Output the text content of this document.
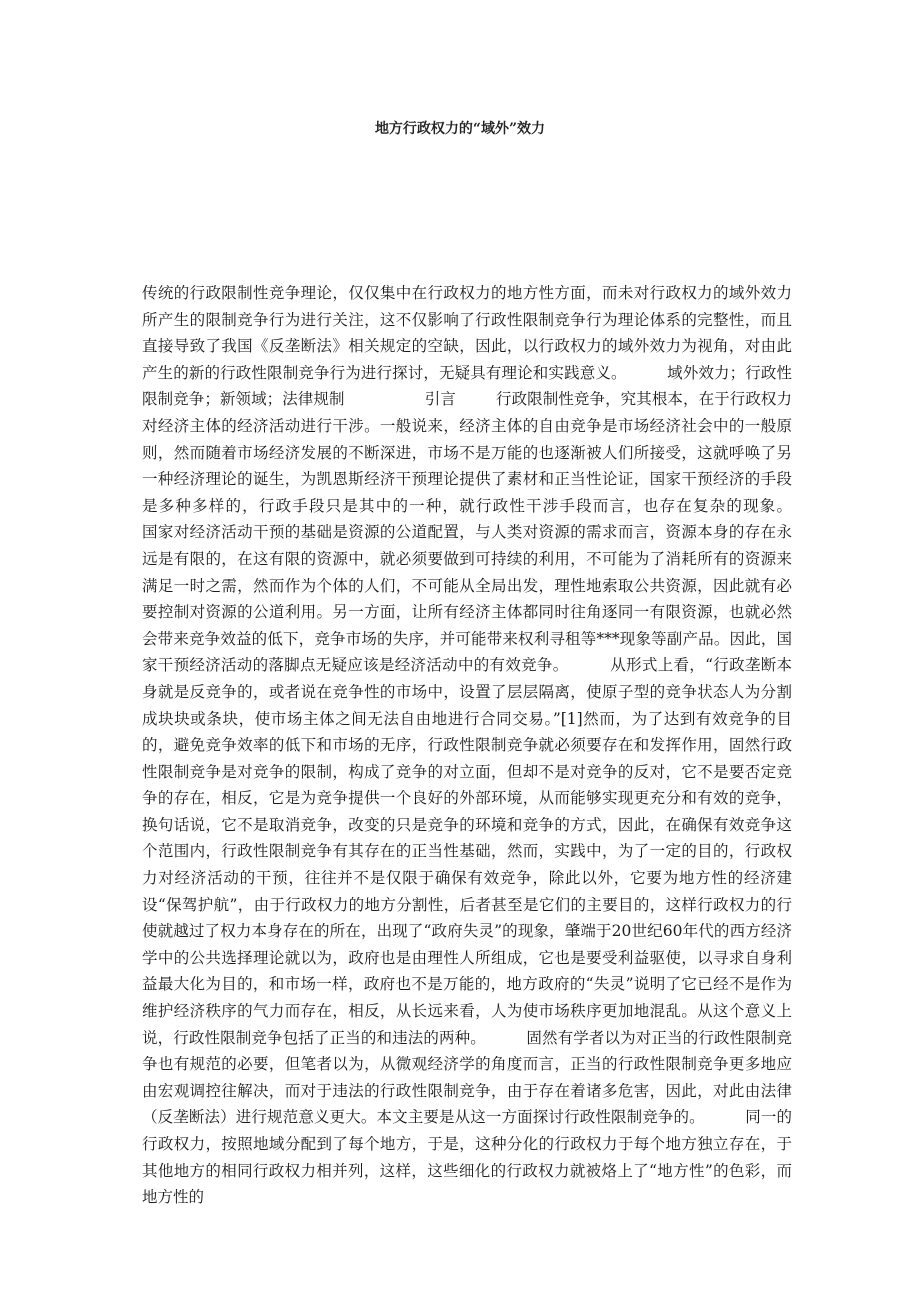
地方行政权力的“域外”效力

传统的行政限制性竞争理论，仅仅集中在行政权力的地方性方面，而未对行政权力的域外效力所产生的限制竞争行为进行关注，这不仅影响了行政性限制竞争行为理论体系的完整性，而且直接导致了我国《反垄断法》相关规定的空缺，因此，以行政权力的域外效力为视角，对由此产生的新的行政性限制竞争行为进行探讨，无疑具有理论和实践意义。        域外效力；行政性限制竞争；新领域；法律规制                引言        行政限制性竞争，究其根本，在于行政权力对经济主体的经济活动进行干涉。一般说来，经济主体的自由竞争是市场经济社会中的一般原则，然而随着市场经济发展的不断深进，市场不是万能的也逐渐被人们所接受，这就呼唤了另一种经济理论的诞生，为凯恩斯经济干预理论提供了素材和正当性论证，国家干预经济的手段是多种多样的，行政手段只是其中的一种，就行政性干涉手段而言，也存在复杂的现象。        国家对经济活动干预的基础是资源的公道配置，与人类对资源的需求而言，资源本身的存在永远是有限的，在这有限的资源中，就必须要做到可持续的利用，不可能为了消耗所有的资源来满足一时之需，然而作为个体的人们，不可能从全局出发，理性地索取公共资源，因此就有必要控制对资源的公道利用。另一方面，让所有经济主体都同时往角逐同一有限资源，也就必然会带来竞争效益的低下，竞争市场的失序，并可能带来权利寻租等***现象等副产品。因此，国家干预经济活动的落脚点无疑应该是经济活动中的有效竞争。        从形式上看，“行政垄断本身就是反竞争的，或者说在竞争性的市场中，设置了层层隔离，使原子型的竞争状态人为分割成块块或条块，使市场主体之间无法自由地进行合同交易。”[1]然而，为了达到有效竞争的目的，避免竞争效率的低下和市场的无序，行政性限制竞争就必须要存在和发挥作用，固然行政性限制竞争是对竞争的限制，构成了竞争的对立面，但却不是对竞争的反对，它不是要否定竞争的存在，相反，它是为竞争提供一个良好的外部环境，从而能够实现更充分和有效的竞争，换句话说，它不是取消竞争，改变的只是竞争的环境和竞争的方式，因此，在确保有效竞争这个范围内，行政性限制竞争有其存在的正当性基础，然而，实践中，为了一定的目的，行政权力对经济活动的干预，往往并不是仅限于确保有效竞争，除此以外，它要为地方性的经济建设“保驾护航”，由于行政权力的地方分割性，后者甚至是它们的主要目的，这样行政权力的行使就越过了权力本身存在的所在，出现了“政府失灵”的现象，肇端于20世纪60年代的西方经济学中的公共选择理论就以为，政府也是由理性人所组成，它也是要受利益驱使，以寻求自身利益最大化为目的，和市场一样，政府也不是万能的，地方政府的“失灵”说明了它已经不是作为维护经济秩序的气力而存在，相反，从长远来看，人为使市场秩序更加地混乱。从这个意义上说，行政性限制竞争包括了正当的和违法的两种。        固然有学者以为对正当的行政性限制竞争也有规范的必要，但笔者以为，从微观经济学的角度而言，正当的行政性限制竞争更多地应由宏观调控往解决，而对于违法的行政性限制竞争，由于存在着诸多危害，因此，对此由法律（反垄断法）进行规范意义更大。本文主要是从这一方面探讨行政性限制竞争的。        同一的行政权力，按照地域分配到了每个地方，于是，这种分化的行政权力于每个地方独立存在，于其他地方的相同行政权力相并列，这样，这些细化的行政权力就被烙上了“地方性”的色彩，而地方性的
